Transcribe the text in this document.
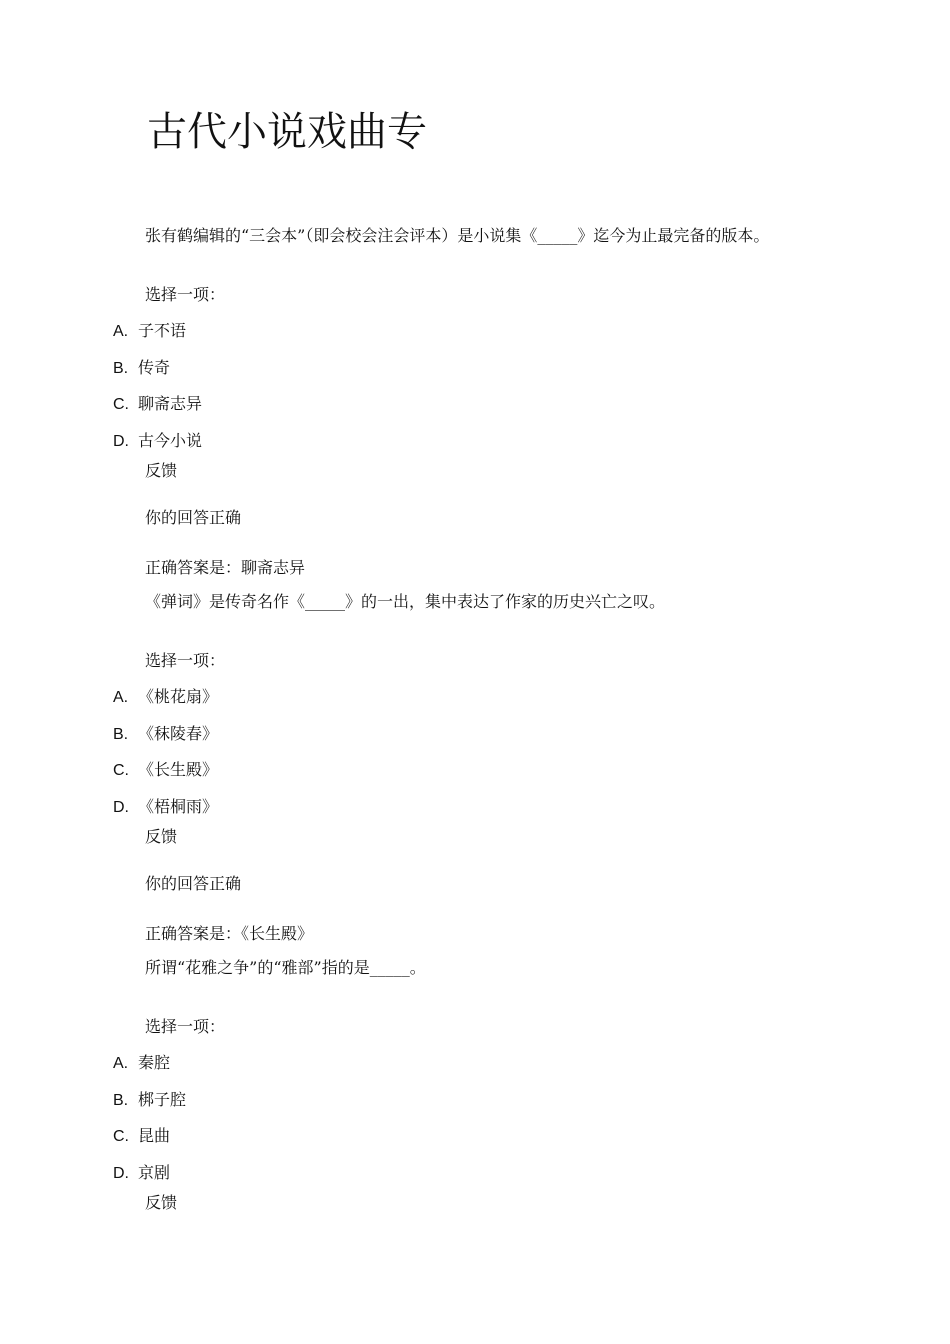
古代小说戏曲专
张有鹤编辑的“三会本”（即会校会注会评本）是小说集《_____》迄今为止最完备的版本。
选择一项：
A. 子不语
B. 传奇
C. 聊斋志异
D. 古今小说
反馈
你的回答正确
正确答案是：聊斋志异
《弹词》是传奇名作《_____》的一出，集中表达了作家的历史兴亡之叹。
选择一项：
A. 《桃花扇》
B. 《秣陵春》
C. 《长生殿》
D. 《梧桐雨》
反馈
你的回答正确
正确答案是：《长生殿》
所谓“花雅之争”的“雅部”指的是_____。
选择一项：
A. 秦腔
B. 梆子腔
C. 昆曲
D. 京剧
反馈
